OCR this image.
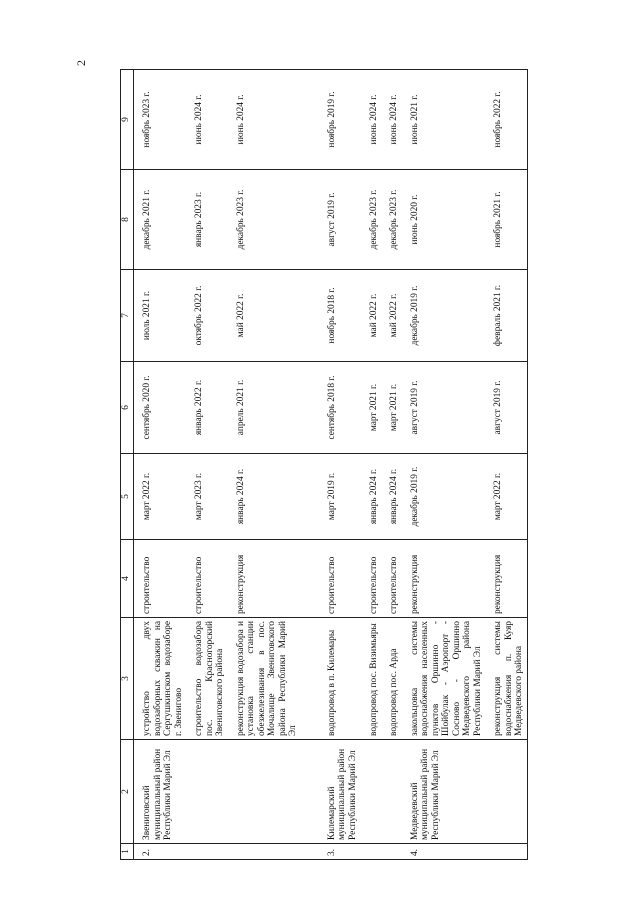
2
1	2	3	4	5	6	7	8	9
2.	Звениговский муниципальный район Республики Марий Эл	устройство двух водозаборных скважин на Сергушкинском водозаборе г. Звенигово	строительство	март 2022 г.	сентябрь 2020 г.	июль 2021 г.	декабрь 2021 г.	ноябрь 2023 г.
		строительство водозабора пос. Красногорский Звениговского района	строительство	март 2023 г.	январь 2022 г.	октябрь 2022 г.	январь 2023 г.	июнь 2024 г.
		реконструкция водозабора и установка станции обезжелезивания в пос. Мочалище Звениговского района Республики Марий Эл	реконструкция	январь 2024 г.	апрель 2021 г.	май 2022 г.	декабрь 2023 г.	июнь 2024 г.

3.	Килемарский муниципальный район Республики Марий Эл	водопровод в п. Килемары	строительство	март 2019 г.	сентябрь 2018 г.	ноябрь 2018 г.	август 2019 г.	ноябрь 2019 г.
		водопровод пос. Визимьяры	строительство	январь 2024 г.	март 2021 г.	май 2022 г.	декабрь 2023 г.	июнь 2024 г.
		водопровод пос. Арда	строительство	январь 2024 г.	март 2021 г.	май 2022 г.	декабрь 2023 г.	июнь 2024 г.
4.	Медведевский муниципальный район Республики Марий Эл	закольцовка системы водоснабжения населенных пунктов Оршинно - Шойбулак - Аэропорт - Сосново - Оршинно Медведевского района Республики Марий Эл	реконструкция	декабрь 2019 г.	август 2019 г.	декабрь 2019 г.	июнь 2020 г.	июнь 2021 г.
		реконструкция системы водоснабжения п. Куяр Медведевского района	реконструкция	март 2022 г.	август 2019 г.	февраль 2021 г.	ноябрь 2021 г.	ноябрь 2022 г.
